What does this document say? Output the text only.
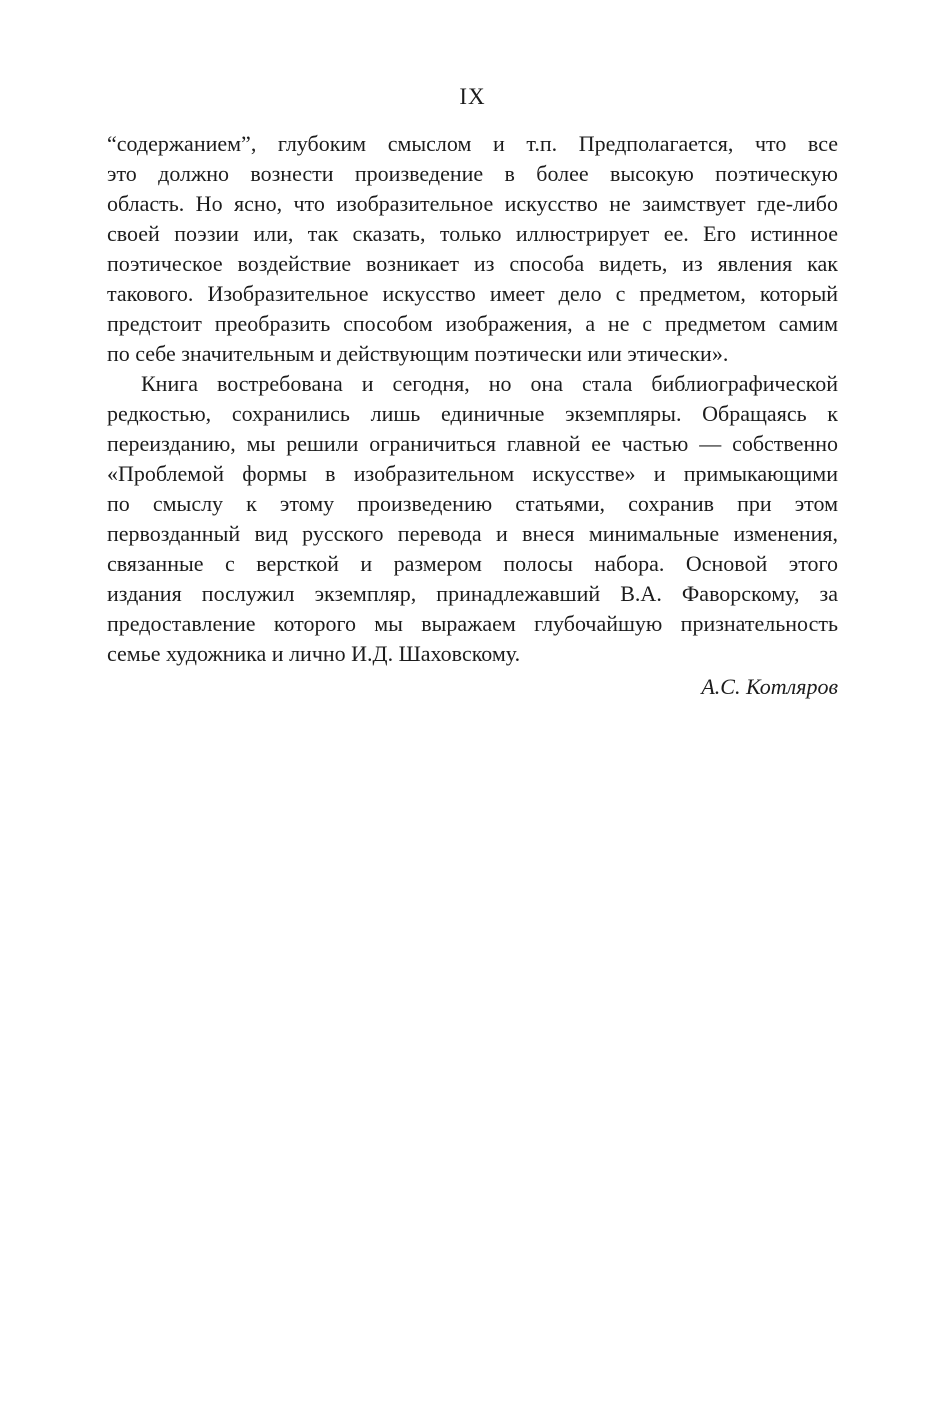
IX
“содержанием”, глубоким смыслом и т.п. Предполагается, что все
это должно вознести произведение в более высокую поэтическую
область. Но ясно, что изобразительное искусство не заимствует где-либо
своей поэзии или, так сказать, только иллюстрирует ее. Его истинное
поэтическое воздействие возникает из способа видеть, из явления как
такового. Изобразительное искусство имеет дело с предметом, который
предстоит преобразить способом изображения, а не с предметом самим
по себе значительным и действующим поэтически или этически».
Книга востребована и сегодня, но она стала библиографической
редкостью, сохранились лишь единичные экземпляры. Обращаясь к
переизданию, мы решили ограничиться главной ее частью — собственно
«Проблемой формы в изобразительном искусстве» и примыкающими
по смыслу к этому произведению статьями, сохранив при этом
первозданный вид русского перевода и внеся минимальные изменения,
связанные с версткой и размером полосы набора. Основой этого
издания послужил экземпляр, принадлежавший В.А. Фаворскому, за
предоставление которого мы выражаем глубочайшую признательность
семье художника и лично И.Д. Шаховскому.
А.С. Котляров
